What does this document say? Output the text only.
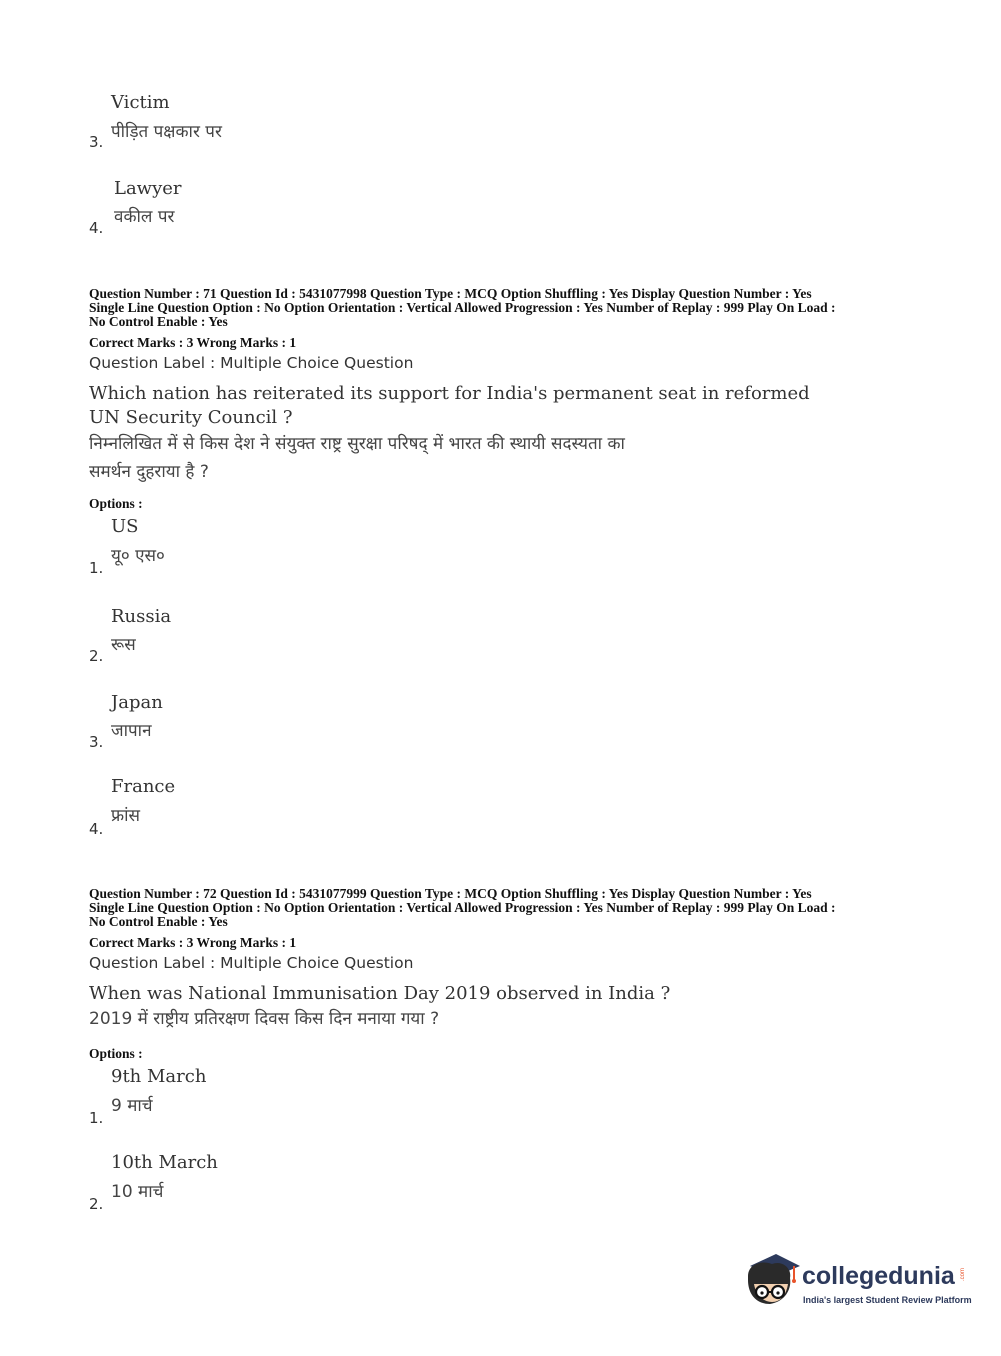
Victim
पीड़ित पक्षकार पर
3.
Lawyer
वकील पर
4.
Question Number : 71 Question Id : 5431077998 Question Type : MCQ Option Shuffling : Yes Display Question Number : Yes
Single Line Question Option : No Option Orientation : Vertical Allowed Progression : Yes Number of Replay : 999 Play On Load :
No Control Enable : Yes
Correct Marks : 3 Wrong Marks : 1
Question Label : Multiple Choice Question
Which nation has reiterated its support for India's permanent seat in reformed
UN Security Council ?
निम्नलिखित में से किस देश ने संयुक्त राष्ट्र सुरक्षा परिषद् में भारत की स्थायी सदस्यता का
समर्थन दुहराया है ?
Options :
US
यू० एस०
1.
Russia
रूस
2.
Japan
जापान
3.
France
फ्रांस
4.
Question Number : 72 Question Id : 5431077999 Question Type : MCQ Option Shuffling : Yes Display Question Number : Yes
Single Line Question Option : No Option Orientation : Vertical Allowed Progression : Yes Number of Replay : 999 Play On Load :
No Control Enable : Yes
Correct Marks : 3 Wrong Marks : 1
Question Label : Multiple Choice Question
When was National Immunisation Day 2019 observed in India ?
2019 में राष्ट्रीय प्रतिरक्षण दिवस किस दिन मनाया गया ?
Options :
9th March
9 मार्च
1.
10th March
10 मार्च
2.
collegedunia .com
India's largest Student Review Platform
